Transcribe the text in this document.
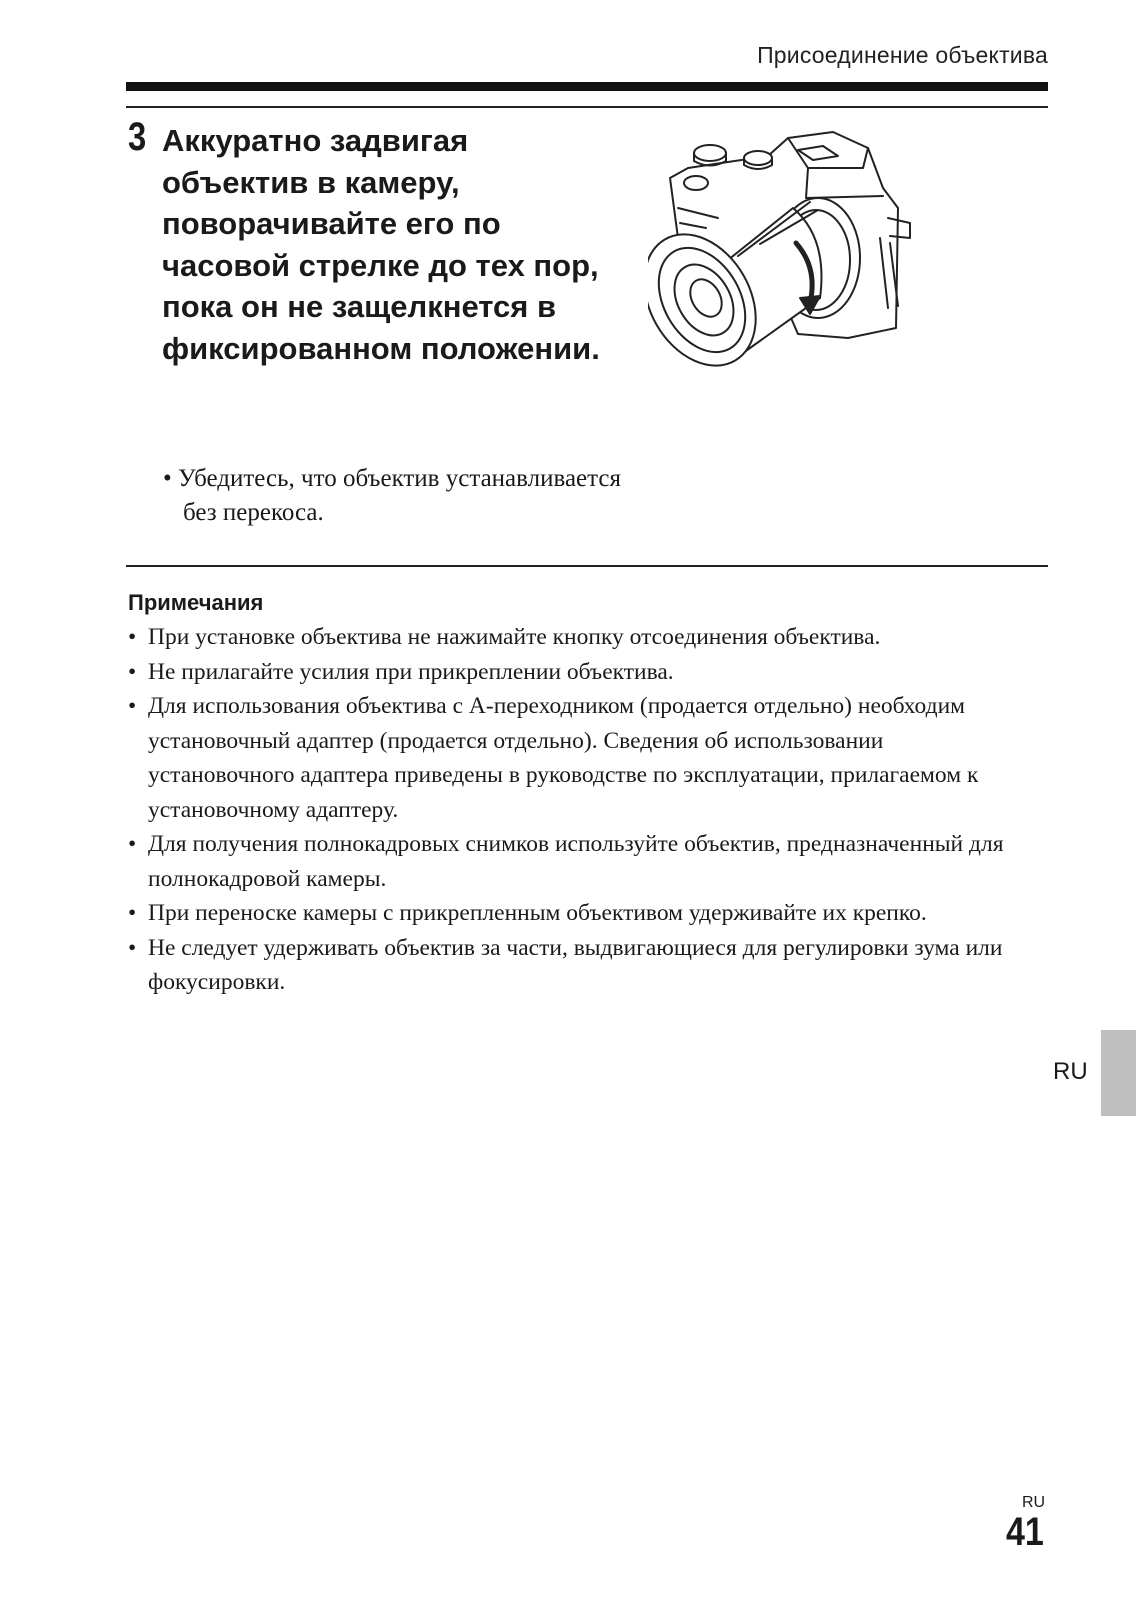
Присоединение объектива
3 Аккуратно задвигая объектив в камеру, поворачивайте его по часовой стрелке до тех пор, пока он не защелкнется в фиксированном положении.
• Убедитесь, что объектив устанавливается без перекоса.
Примечания
• При установке объектива не нажимайте кнопку отсоединения объектива.
• Не прилагайте усилия при прикреплении объектива.
• Для использования объектива с A-переходником (продается отдельно) необходим установочный адаптер (продается отдельно). Сведения об использовании установочного адаптера приведены в руководстве по эксплуатации, прилагаемом к установочному адаптеру.
• Для получения полнокадровых снимков используйте объектив, предназначенный для полнокадровой камеры.
• При переноске камеры с прикрепленным объективом удерживайте их крепко.
• Не следует удерживать объектив за части, выдвигающиеся для регулировки зума или фокусировки.
RU
RU
41
